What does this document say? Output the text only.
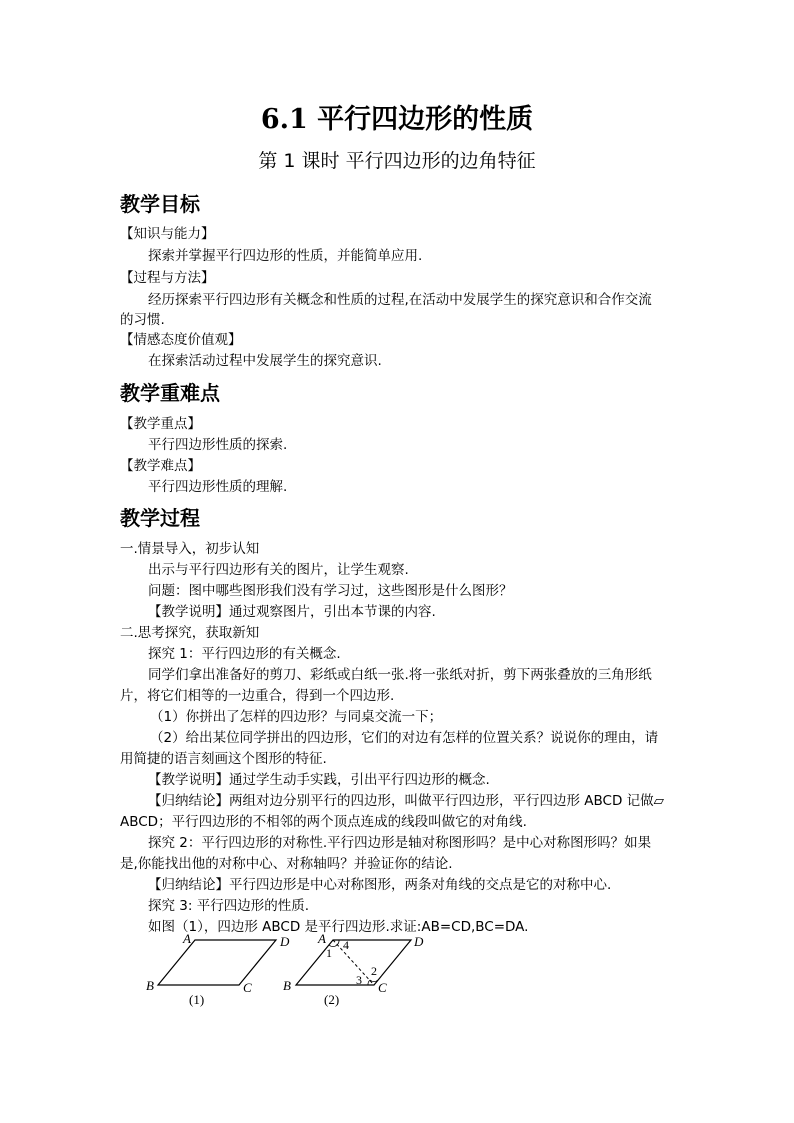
6.1 平行四边形的性质
第 1 课时 平行四边形的边角特征
教学目标
【知识与能力】
探索并掌握平行四边形的性质，并能简单应用.
【过程与方法】
经历探索平行四边形有关概念和性质的过程,在活动中发展学生的探究意识和合作交流
的习惯.
【情感态度价值观】
在探索活动过程中发展学生的探究意识.
教学重难点
【教学重点】
平行四边形性质的探索.
【教学难点】
平行四边形性质的理解.
教学过程
一.情景导入，初步认知
出示与平行四边形有关的图片，让学生观察.
问题：图中哪些图形我们没有学习过，这些图形是什么图形？
【教学说明】通过观察图片，引出本节课的内容.
二.思考探究，获取新知
探究 1：平行四边形的有关概念.
同学们拿出准备好的剪刀、彩纸或白纸一张.将一张纸对折，剪下两张叠放的三角形纸
片，将它们相等的一边重合，得到一个四边形.
（1）你拼出了怎样的四边形？与同桌交流一下；
（2）给出某位同学拼出的四边形，它们的对边有怎样的位置关系？说说你的理由，请
用简捷的语言刻画这个图形的特征.
【教学说明】通过学生动手实践，引出平行四边形的概念.
【归纳结论】两组对边分别平行的四边形，叫做平行四边形，平行四边形 ABCD 记做▱
ABCD；平行四边形的不相邻的两个顶点连成的线段叫做它的对角线.
探究 2：平行四边形的对称性.平行四边形是轴对称图形吗？是中心对称图形吗？如果
是,你能找出他的对称中心、对称轴吗？并验证你的结论.
【归纳结论】平行四边形是中心对称图形，两条对角线的交点是它的对称中心.
探究 3: 平行四边形的性质.
如图（1），四边形 ABCD 是平行四边形.求证:AB=CD,BC=DA.
A	D
B	C
(1)
A	D
B	C
4
1
2
3
(2)
